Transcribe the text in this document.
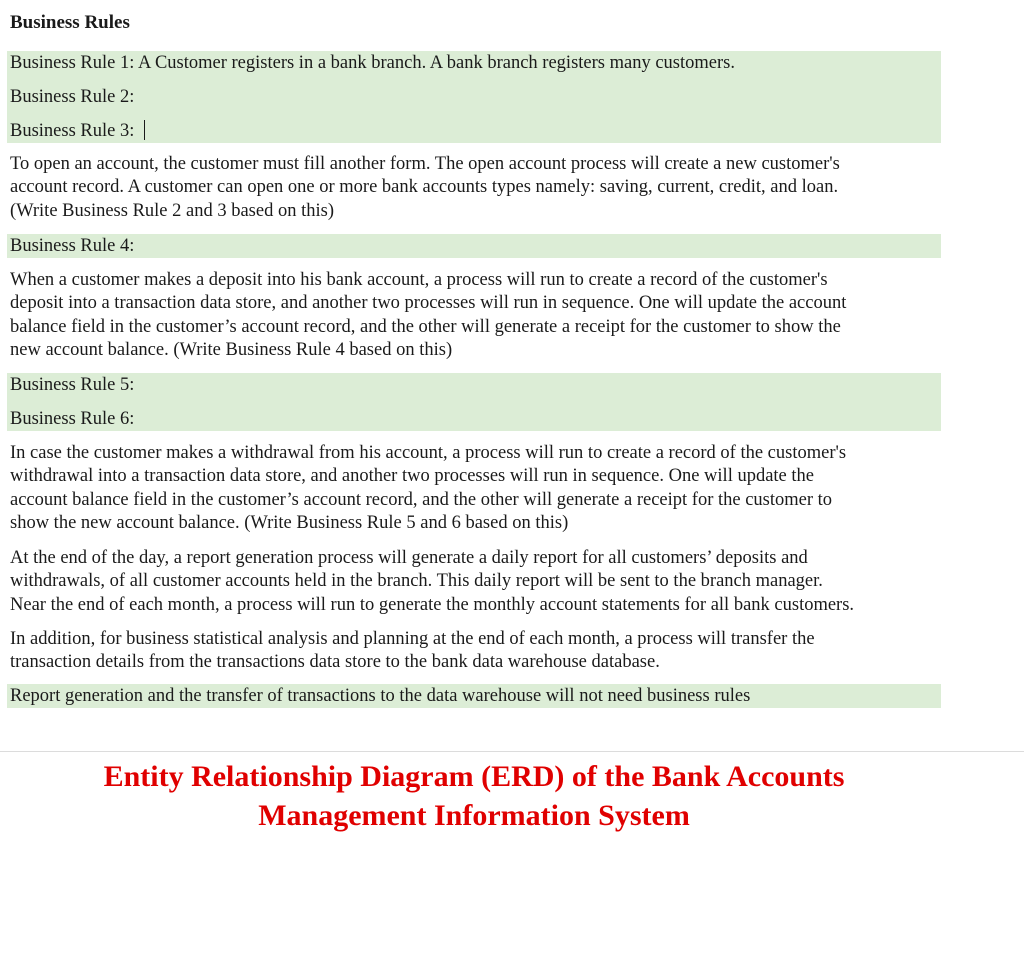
Business Rules
Business Rule 1: A Customer registers in a bank branch. A bank branch registers many customers.
Business Rule 2:
Business Rule 3:
To open an account, the customer must fill another form. The open account process will create a new customer's
account record. A customer can open one or more bank accounts types namely: saving, current, credit, and loan.
(Write Business Rule 2 and 3 based on this)
Business Rule 4:
When a customer makes a deposit into his bank account, a process will run to create a record of the customer's
deposit into a transaction data store, and another two processes will run in sequence. One will update the account
balance field in the customer’s account record, and the other will generate a receipt for the customer to show the
new account balance. (Write Business Rule 4 based on this)
Business Rule 5:
Business Rule 6:
In case the customer makes a withdrawal from his account, a process will run to create a record of the customer's
withdrawal into a transaction data store, and another two processes will run in sequence. One will update the
account balance field in the customer’s account record, and the other will generate a receipt for the customer to
show the new account balance. (Write Business Rule 5 and 6 based on this)
At the end of the day, a report generation process will generate a daily report for all customers’ deposits and
withdrawals, of all customer accounts held in the branch. This daily report will be sent to the branch manager.
Near the end of each month, a process will run to generate the monthly account statements for all bank customers.
In addition, for business statistical analysis and planning at the end of each month, a process will transfer the
transaction details from the transactions data store to the bank data warehouse database.
Report generation and the transfer of transactions to the data warehouse will not need business rules
Entity Relationship Diagram (ERD) of the Bank Accounts
Management Information System
